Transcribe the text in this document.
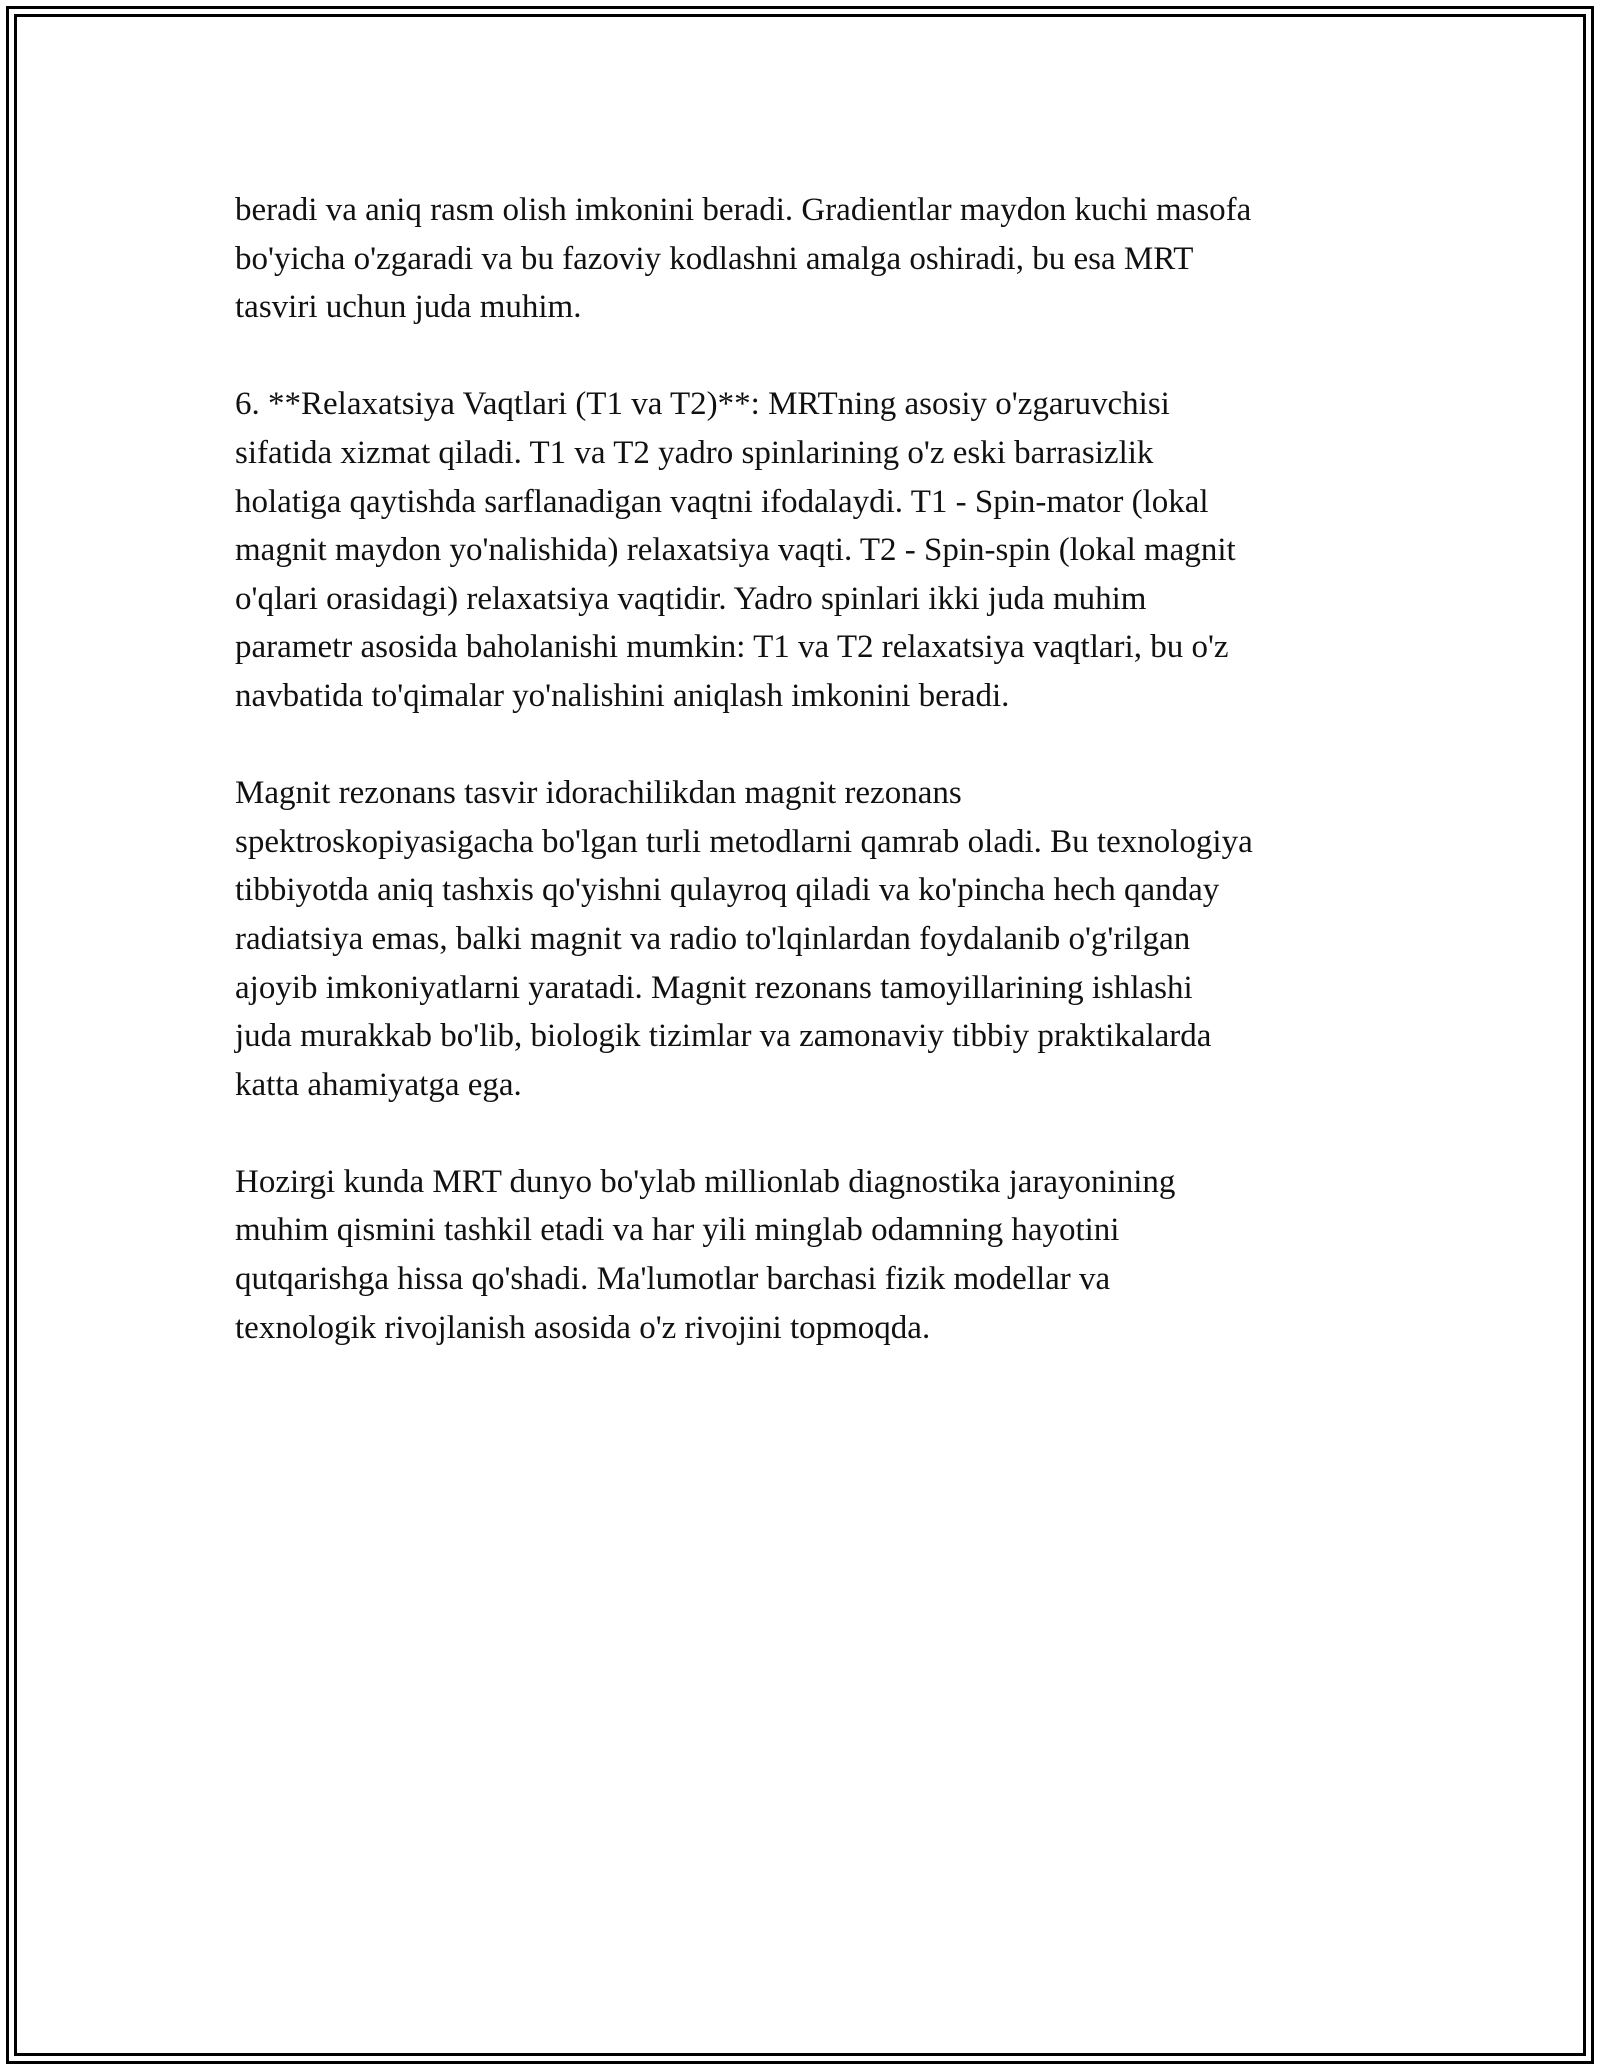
beradi va aniq rasm olish imkonini beradi. Gradientlar maydon kuchi masofa
bo'yicha o'zgaradi va bu fazoviy kodlashni amalga oshiradi, bu esa MRT
tasviri uchun juda muhim.

6. **Relaxatsiya Vaqtlari (T1 va T2)**: MRTning asosiy o'zgaruvchisi
sifatida xizmat qiladi. T1 va T2 yadro spinlarining o'z eski barrasizlik
holatiga qaytishda sarflanadigan vaqtni ifodalaydi. T1 - Spin-mator (lokal
magnit maydon yo'nalishida) relaxatsiya vaqti. T2 - Spin-spin (lokal magnit
o'qlari orasidagi) relaxatsiya vaqtidir. Yadro spinlari ikki juda muhim
parametr asosida baholanishi mumkin: T1 va T2 relaxatsiya vaqtlari, bu o'z
navbatida to'qimalar yo'nalishini aniqlash imkonini beradi.

Magnit rezonans tasvir idorachilikdan magnit rezonans
spektroskopiyasigacha bo'lgan turli metodlarni qamrab oladi. Bu texnologiya
tibbiyotda aniq tashxis qo'yishni qulayroq qiladi va ko'pincha hech qanday
radiatsiya emas, balki magnit va radio to'lqinlardan foydalanib o'g'rilgan
ajoyib imkoniyatlarni yaratadi. Magnit rezonans tamoyillarining ishlashi
juda murakkab bo'lib, biologik tizimlar va zamonaviy tibbiy praktikalarda
katta ahamiyatga ega.

Hozirgi kunda MRT dunyo bo'ylab millionlab diagnostika jarayonining
muhim qismini tashkil etadi va har yili minglab odamning hayotini
qutqarishga hissa qo'shadi. Ma'lumotlar barchasi fizik modellar va
texnologik rivojlanish asosida o'z rivojini topmoqda.
